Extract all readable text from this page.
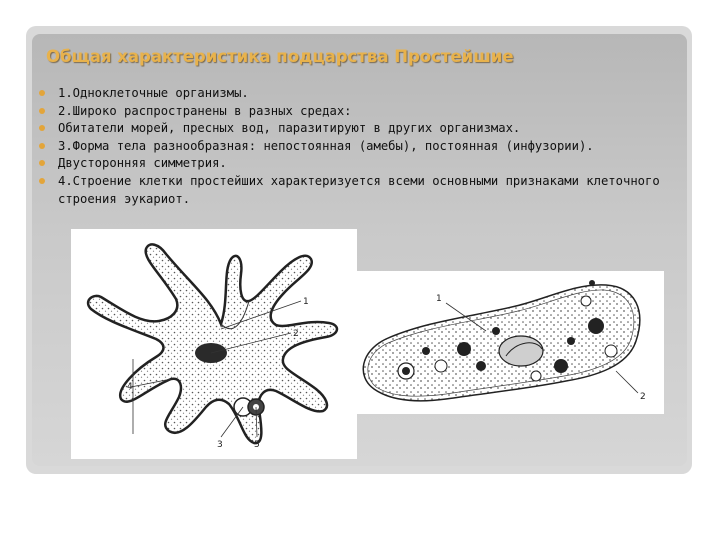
Общая характеристика подцарства Простейшие
1.Одноклеточные организмы.
2.Широко распространены в разных средах:
Обитатели морей, пресных вод, паразитируют в других организмах.
3.Форма тела разнообразная: непостоянная (амебы), постоянная (инфузории).
Двусторонняя симметрия.
4.Строение клетки простейших характеризуется всеми основными признаками клеточного строения эукариот.
1
2
4
3	5
1
2
